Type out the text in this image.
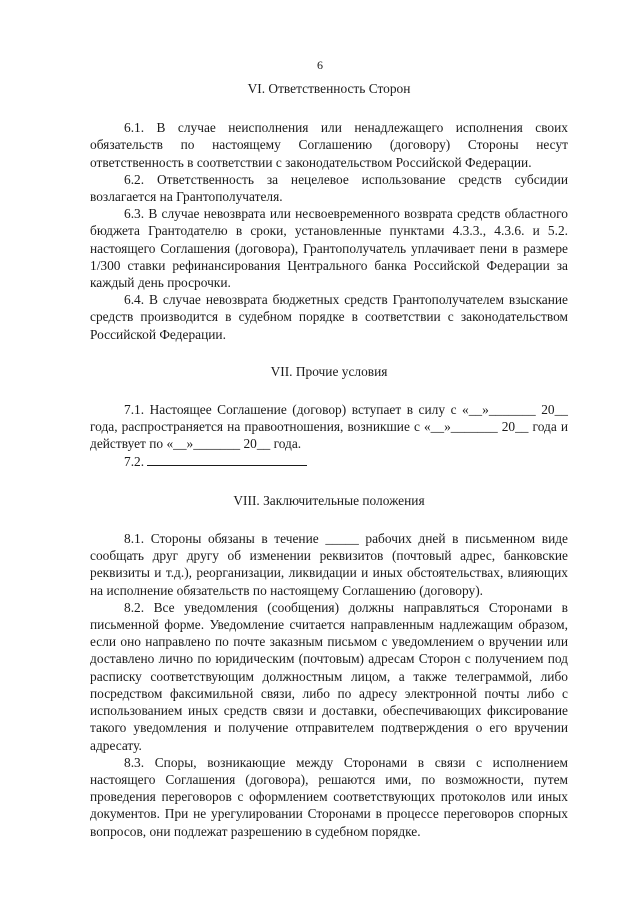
6
VI. Ответственность Сторон

6.1. В случае неисполнения или ненадлежащего исполнения своих обязательств по настоящему Соглашению (договору) Стороны несут ответственность в соответствии с законодательством Российской Федерации.

6.2. Ответственность за нецелевое использование средств субсидии возлагается на Грантополучателя.

6.3. В случае невозврата или несвоевременного возврата средств областного бюджета Грантодателю в сроки, установленные пунктами 4.3.3., 4.3.6. и 5.2. настоящего Соглашения (договора), Грантополучатель уплачивает пени в размере 1/300 ставки рефинансирования Центрального банка Российской Федерации за каждый день просрочки.

6.4. В случае невозврата бюджетных средств Грантополучателем взыскание средств производится в судебном порядке в соответствии с законодательством Российской Федерации.

VII. Прочие условия

7.1. Настоящее Соглашение (договор) вступает в силу с «__»_______ 20__ года, распространяется на правоотношения, возникшие с «__»_______ 20__ года и действует по «__»_______ 20__ года.

7.2.

VIII. Заключительные положения

8.1. Стороны обязаны в течение _____ рабочих дней в письменном виде сообщать друг другу об изменении реквизитов (почтовый адрес, банковские реквизиты и т.д.), реорганизации, ликвидации и иных обстоятельствах, влияющих на исполнение обязательств по настоящему Соглашению (договору).

8.2. Все уведомления (сообщения) должны направляться Сторонами в письменной форме. Уведомление считается направленным надлежащим образом, если оно направлено по почте заказным письмом с уведомлением о вручении или доставлено лично по юридическим (почтовым) адресам Сторон с получением под расписку соответствующим должностным лицом, а также телеграммой, либо посредством факсимильной связи, либо по адресу электронной почты либо с использованием иных средств связи и доставки, обеспечивающих фиксирование такого уведомления и получение отправителем подтверждения о его вручении адресату.

8.3. Споры, возникающие между Сторонами в связи с исполнением настоящего Соглашения (договора), решаются ими, по возможности, путем проведения переговоров с оформлением соответствующих протоколов или иных документов. При не урегулировании Сторонами в процессе переговоров спорных вопросов, они подлежат разрешению в судебном порядке.
